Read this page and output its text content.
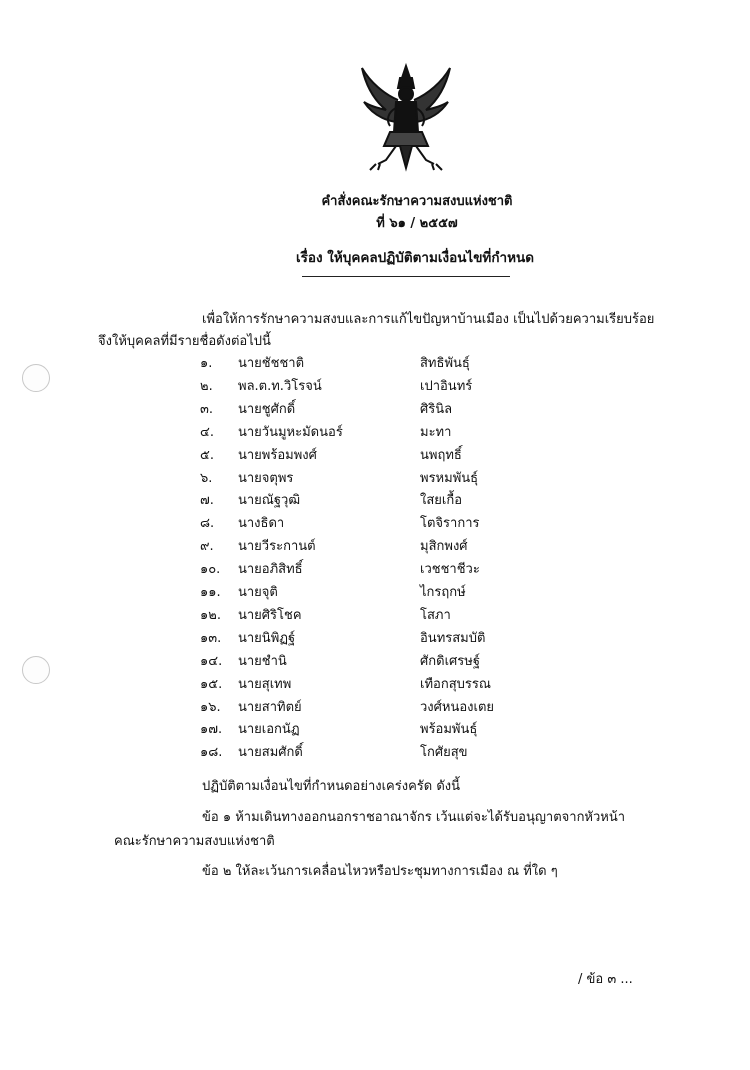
คำสั่งคณะรักษาความสงบแห่งชาติ
ที่ ๖๑ / ๒๕๕๗
เรื่อง ให้บุคคลปฏิบัติตามเงื่อนไขที่กำหนด
เพื่อให้การรักษาความสงบและการแก้ไขปัญหาบ้านเมือง เป็นไปด้วยความเรียบร้อย
จึงให้บุคคลที่มีรายชื่อดังต่อไปนี้
๑.	นายชัชชาติ	สิทธิพันธุ์
๒.	พล.ต.ท.วิโรจน์	เปาอินทร์
๓.	นายชูศักดิ์	ศิรินิล
๔.	นายวันมูหะมัดนอร์	มะทา
๕.	นายพร้อมพงศ์	นพฤทธิ์
๖.	นายจตุพร	พรหมพันธุ์
๗.	นายณัฐวุฒิ	ใสยเกื้อ
๘.	นางธิดา	โตจิราการ
๙.	นายวีระกานต์	มุสิกพงศ์
๑๐.	นายอภิสิทธิ์	เวชชาชีวะ
๑๑.	นายจุติ	ไกรฤกษ์
๑๒.	นายศิริโชค	โสภา
๑๓.	นายนิพิฏฐ์	อินทรสมบัติ
๑๔.	นายชำนิ	ศักดิเศรษฐ์
๑๕.	นายสุเทพ	เทือกสุบรรณ
๑๖.	นายสาทิตย์	วงศ์หนองเตย
๑๗.	นายเอกนัฏ	พร้อมพันธุ์
๑๘.	นายสมศักดิ์	โกศัยสุข
ปฏิบัติตามเงื่อนไขที่กำหนดอย่างเคร่งครัด ดังนี้
ข้อ ๑ ห้ามเดินทางออกนอกราชอาณาจักร เว้นแต่จะได้รับอนุญาตจากหัวหน้า
คณะรักษาความสงบแห่งชาติ
ข้อ ๒ ให้ละเว้นการเคลื่อนไหวหรือประชุมทางการเมือง ณ ที่ใด ๆ
/ ข้อ ๓ ...
